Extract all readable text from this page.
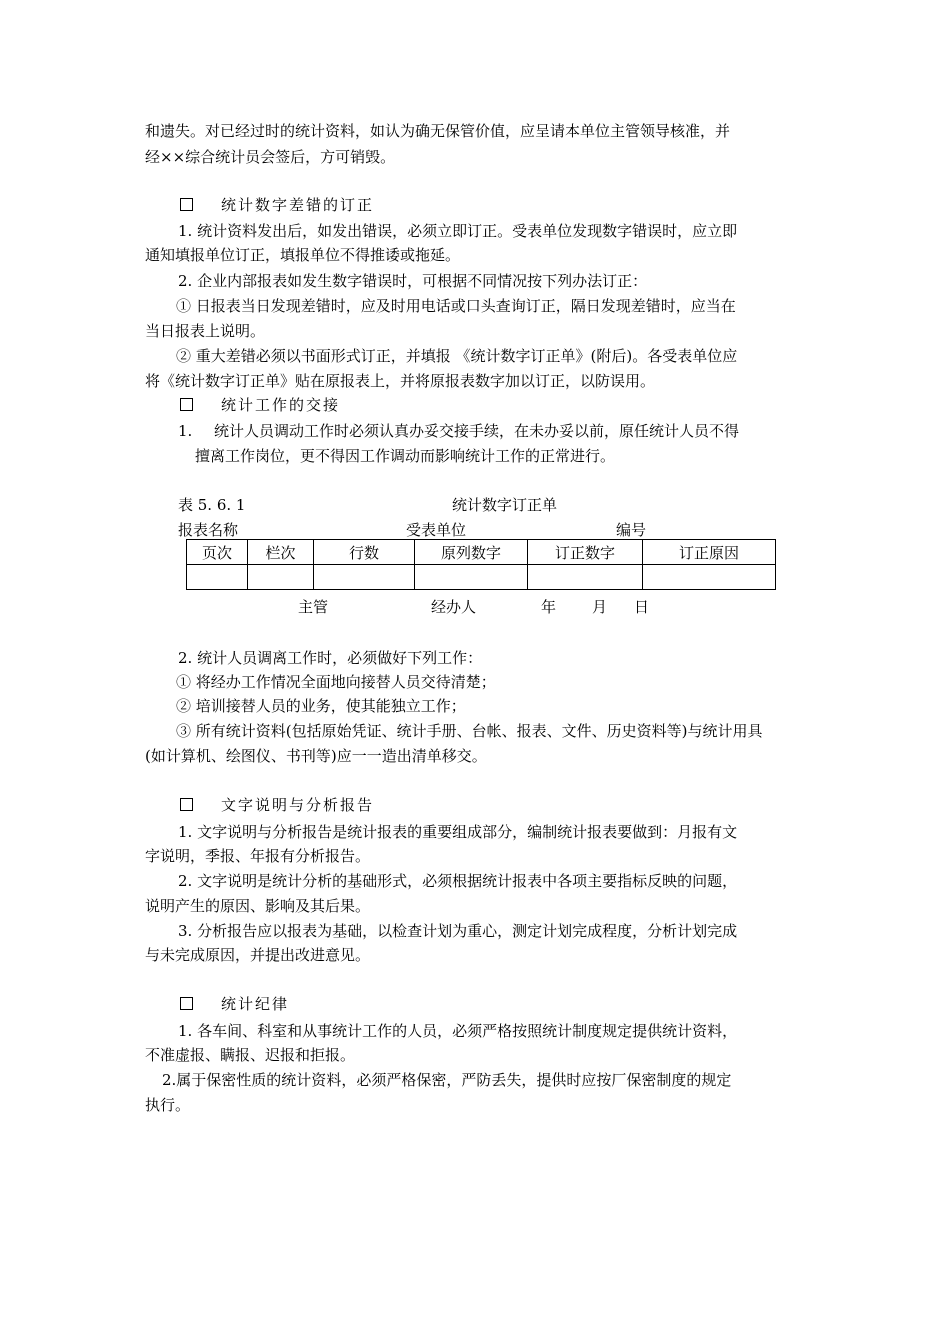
和遗失。对已经过时的统计资料，如认为确无保管价值，应呈请本单位主管领导核准，并
经××综合统计员会签后，方可销毁。
统计数字差错的订正
1. 统计资料发出后，如发出错误，必须立即订正。受表单位发现数字错误时，应立即
通知填报单位订正，填报单位不得推诿或拖延。
2. 企业内部报表如发生数字错误时，可根据不同情况按下列办法订正：
① 日报表当日发现差错时，应及时用电话或口头查询订正，隔日发现差错时，应当在
当日报表上说明。
② 重大差错必须以书面形式订正，并填报 《统计数字订正单》(附后)。各受表单位应
将《统计数字订正单》贴在原报表上，并将原报表数字加以订正，以防误用。
统计工作的交接
1. 统计人员调动工作时必须认真办妥交接手续，在未办妥以前，原任统计人员不得
擅离工作岗位，更不得因工作调动而影响统计工作的正常进行。
表 5. 6. 1	统计数字订正单
报表名称	受表单位	编号
页次	栏次	行数	原列数字	订正数字	订正原因

主管	经办人	年 月 日
2. 统计人员调离工作时，必须做好下列工作：
① 将经办工作情况全面地向接替人员交待清楚；
② 培训接替人员的业务，使其能独立工作；
③ 所有统计资料(包括原始凭证、统计手册、台帐、报表、文件、历史资料等)与统计用具
(如计算机、绘图仪、书刊等)应一一造出清单移交。
文字说明与分析报告
1. 文字说明与分析报告是统计报表的重要组成部分，编制统计报表要做到：月报有文
字说明，季报、年报有分析报告。
2. 文字说明是统计分析的基础形式，必须根据统计报表中各项主要指标反映的问题，
说明产生的原因、影响及其后果。
3. 分析报告应以报表为基础，以检查计划为重心，测定计划完成程度，分析计划完成
与未完成原因，并提出改进意见。
统计纪律
1. 各车间、科室和从事统计工作的人员，必须严格按照统计制度规定提供统计资料，
不准虚报、瞒报、迟报和拒报。
2.属于保密性质的统计资料，必须严格保密，严防丢失，提供时应按厂保密制度的规定
执行。
